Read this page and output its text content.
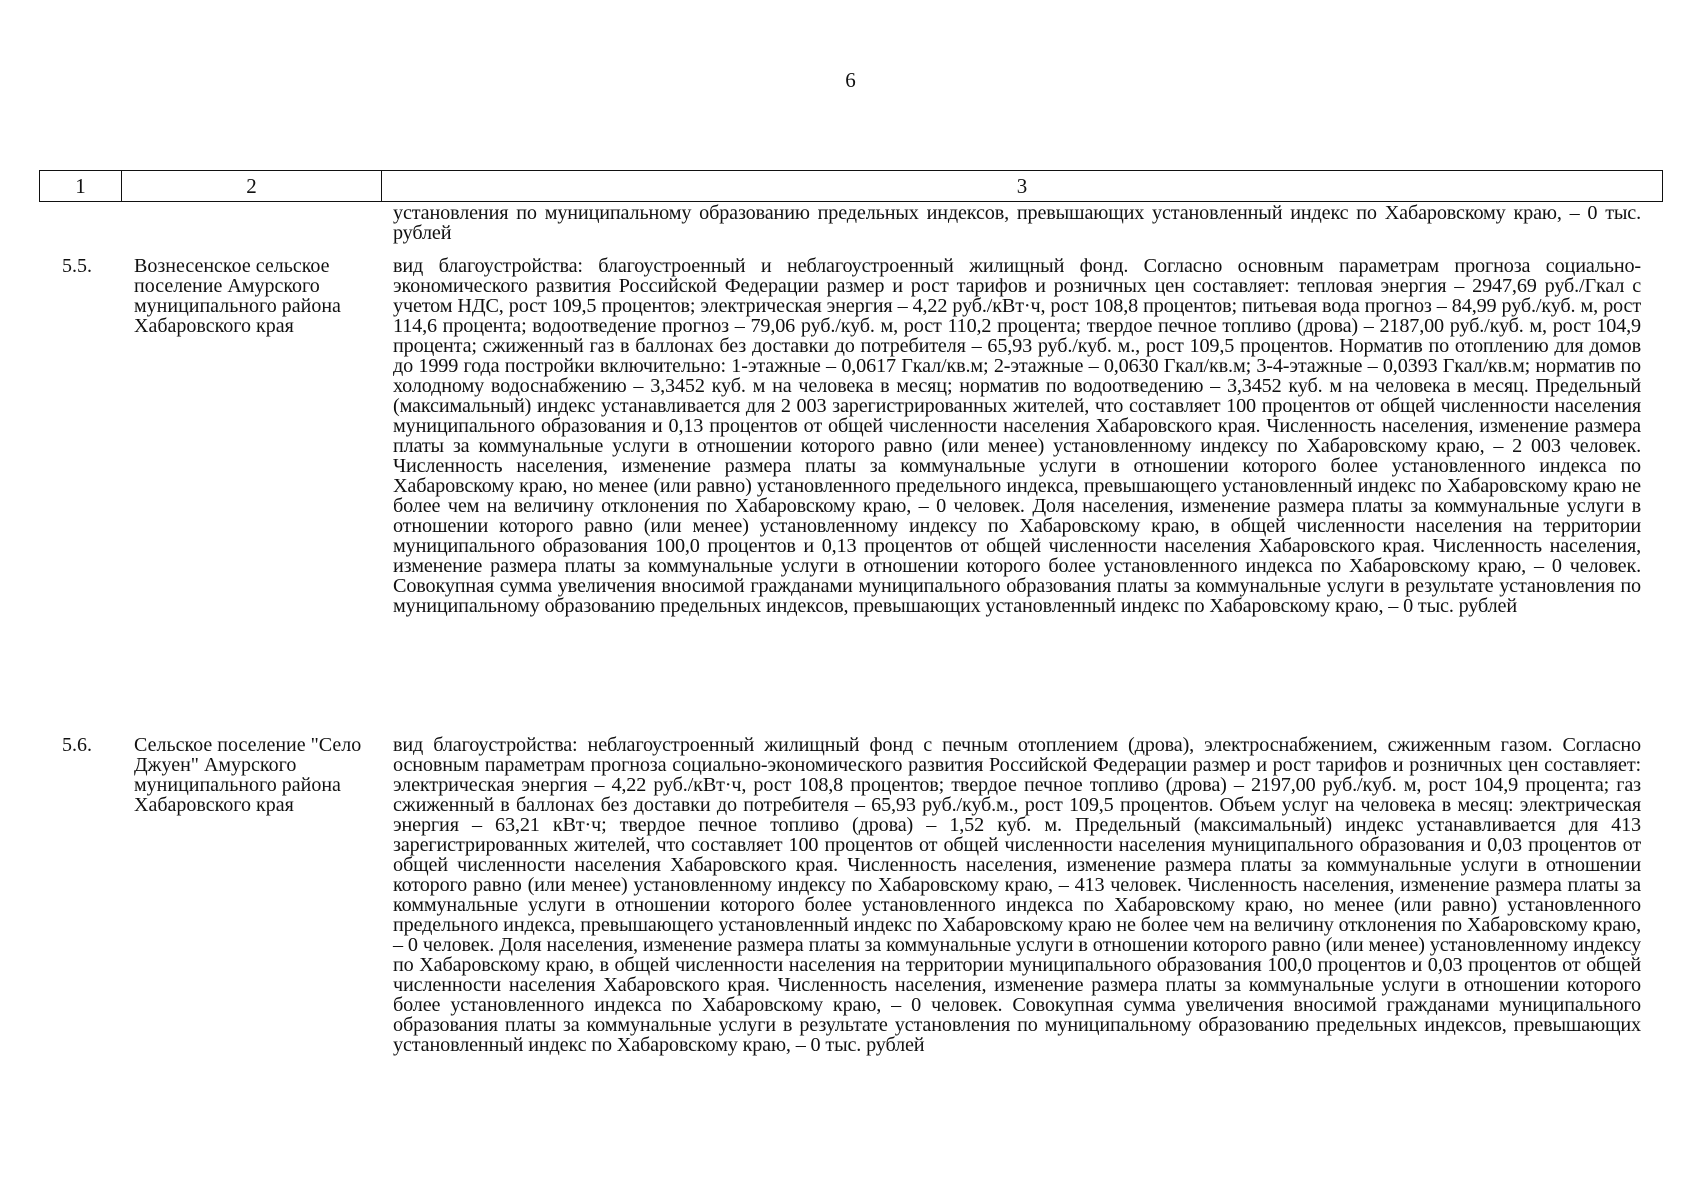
6
1	2	3
установления по муниципальному образованию предельных индексов, превышающих установленный индекс по Хабаровскому краю, – 0 тыс. рублей
5.5. Вознесенское сельское поселение Амурского муниципального района Хабаровского края
вид благоустройства: благоустроенный и неблагоустроенный жилищный фонд. Согласно основным параметрам прогноза социально-экономического развития Российской Федерации размер и рост тарифов и розничных цен составляет: тепловая энергия – 2947,69 руб./Гкал с учетом НДС, рост 109,5 процентов; электрическая энергия – 4,22 руб./кВт·ч, рост 108,8 процентов; питьевая вода прогноз – 84,99 руб./куб. м, рост 114,6 процента; водоотведение прогноз – 79,06 руб./куб. м, рост 110,2 процента; твердое печное топливо (дрова) – 2187,00 руб./куб. м, рост 104,9 процента; сжиженный газ в баллонах без доставки до потребителя – 65,93 руб./куб. м., рост 109,5 процентов. Норматив по отоплению для домов до 1999 года постройки включительно: 1-этажные – 0,0617 Гкал/кв.м; 2-этажные – 0,0630 Гкал/кв.м; 3-4-этажные – 0,0393 Гкал/кв.м; норматив по холодному водоснабжению – 3,3452 куб. м на человека в месяц; норматив по водоотведению – 3,3452 куб. м на человека в месяц. Предельный (максимальный) индекс устанавливается для 2 003 зарегистрированных жителей, что составляет 100 процентов от общей численности населения муниципального образования и 0,13 процентов от общей численности населения Хабаровского края. Численность населения, изменение размера платы за коммунальные услуги в отношении которого равно (или менее) установленному индексу по Хабаровскому краю, – 2 003 человек. Численность населения, изменение размера платы за коммунальные услуги в отношении которого более установленного индекса по Хабаровскому краю, но менее (или равно) установленного предельного индекса, превышающего установленный индекс по Хабаровскому краю не более чем на величину отклонения по Хабаровскому краю, – 0 человек. Доля населения, изменение размера платы за коммунальные услуги в отношении которого равно (или менее) установленному индексу по Хабаровскому краю, в общей численности населения на территории муниципального образования 100,0 процентов и 0,13 процентов от общей численности населения Хабаровского края. Численность населения, изменение размера платы за коммунальные услуги в отношении которого более установленного индекса по Хабаровскому краю, – 0 человек. Совокупная сумма увеличения вносимой гражданами муниципального образования платы за коммунальные услуги в результате установления по муниципальному образованию предельных индексов, превышающих установленный индекс по Хабаровскому краю, – 0 тыс. рублей
5.6. Сельское поселение "Село Джуен" Амурского муниципального района Хабаровского края
вид благоустройства: неблагоустроенный жилищный фонд с печным отоплением (дрова), электроснабжением, сжиженным газом. Согласно основным параметрам прогноза социально-экономического развития Российской Федерации размер и рост тарифов и розничных цен составляет: электрическая энергия – 4,22 руб./кВт·ч, рост 108,8 процентов; твердое печное топливо (дрова) – 2197,00 руб./куб. м, рост 104,9 процента; газ сжиженный в баллонах без доставки до потребителя – 65,93 руб./куб.м., рост 109,5 процентов. Объем услуг на человека в месяц: электрическая энергия – 63,21 кВт·ч; твердое печное топливо (дрова) – 1,52 куб. м. Предельный (максимальный) индекс устанавливается для 413 зарегистрированных жителей, что составляет 100 процентов от общей численности населения муниципального образования и 0,03 процентов от общей численности населения Хабаровского края. Численность населения, изменение размера платы за коммунальные услуги в отношении которого равно (или менее) установленному индексу по Хабаровскому краю, – 413 человек. Численность населения, изменение размера платы за коммунальные услуги в отношении которого более установленного индекса по Хабаровскому краю, но менее (или равно) установленного предельного индекса, превышающего установленный индекс по Хабаровскому краю не более чем на величину отклонения по Хабаровскому краю, – 0 человек. Доля населения, изменение размера платы за коммунальные услуги в отношении которого равно (или менее) установленному индексу по Хабаровскому краю, в общей численности населения на территории муниципального образования 100,0 процентов и 0,03 процентов от общей численности населения Хабаровского края. Численность населения, изменение размера платы за коммунальные услуги в отношении которого более установленного индекса по Хабаровскому краю, – 0 человек. Совокупная сумма увеличения вносимой гражданами муниципального образования платы за коммунальные услуги в результате установления по муниципальному образованию предельных индексов, превышающих установленный индекс по Хабаровскому краю, – 0 тыс. рублей
